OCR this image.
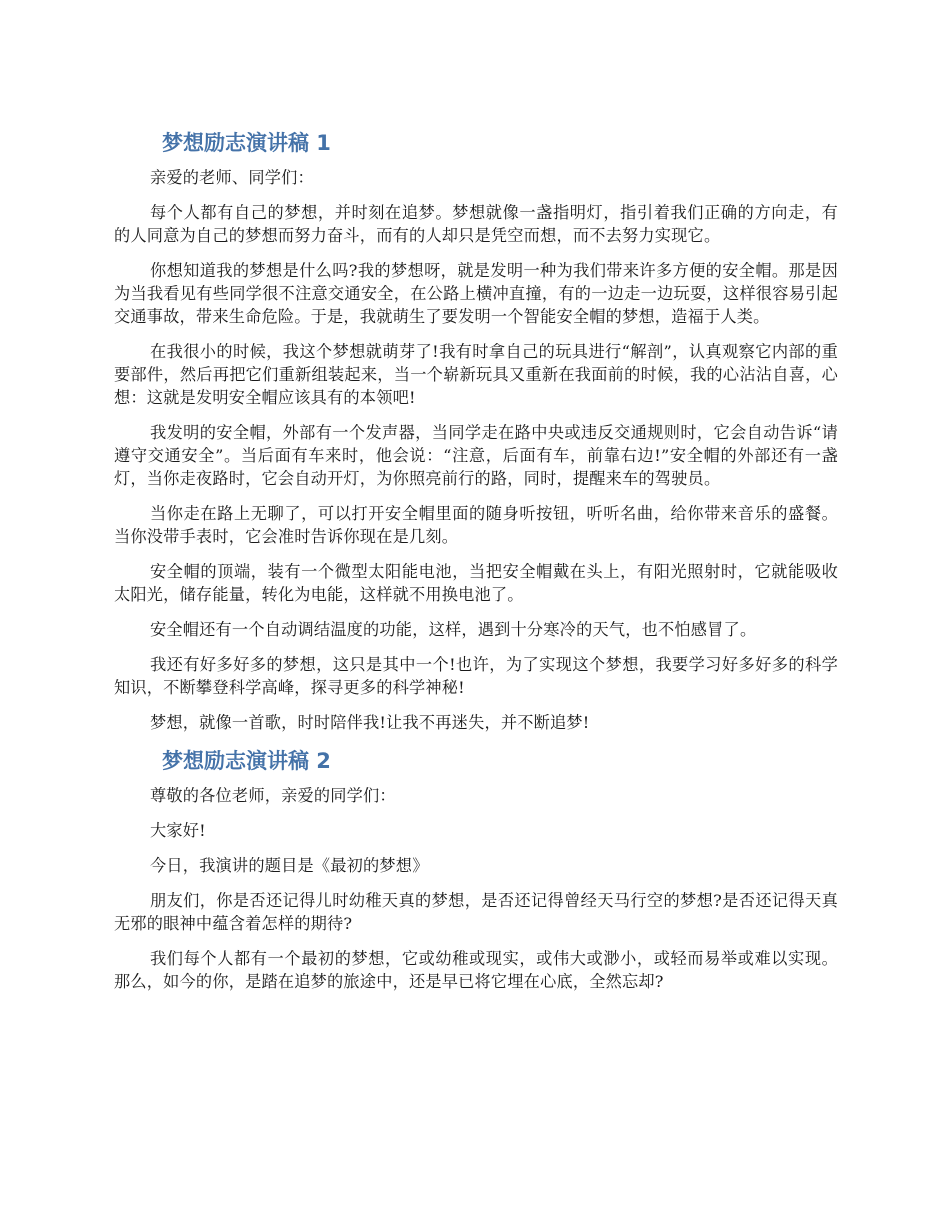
梦想励志演讲稿 1

亲爱的老师、同学们：

每个人都有自己的梦想，并时刻在追梦。梦想就像一盏指明灯，指引着我们正确的方向走，有的人同意为自己的梦想而努力奋斗，而有的人却只是凭空而想，而不去努力实现它。

你想知道我的梦想是什么吗?我的梦想呀，就是发明一种为我们带来许多方便的安全帽。那是因为当我看见有些同学很不注意交通安全，在公路上横冲直撞，有的一边走一边玩耍，这样很容易引起交通事故，带来生命危险。于是，我就萌生了要发明一个智能安全帽的梦想，造福于人类。

在我很小的时候，我这个梦想就萌芽了!我有时拿自己的玩具进行“解剖”，认真观察它内部的重要部件，然后再把它们重新组装起来，当一个崭新玩具又重新在我面前的时候，我的心沾沾自喜，心想：这就是发明安全帽应该具有的本领吧!

我发明的安全帽，外部有一个发声器，当同学走在路中央或违反交通规则时，它会自动告诉“请遵守交通安全”。当后面有车来时，他会说：“注意，后面有车，前靠右边!”安全帽的外部还有一盏灯，当你走夜路时，它会自动开灯，为你照亮前行的路，同时，提醒来车的驾驶员。

当你走在路上无聊了，可以打开安全帽里面的随身听按钮，听听名曲，给你带来音乐的盛餐。当你没带手表时，它会准时告诉你现在是几刻。

安全帽的顶端，装有一个微型太阳能电池，当把安全帽戴在头上，有阳光照射时，它就能吸收太阳光，储存能量，转化为电能，这样就不用换电池了。

安全帽还有一个自动调结温度的功能，这样，遇到十分寒冷的天气，也不怕感冒了。

我还有好多好多的梦想，这只是其中一个!也许，为了实现这个梦想，我要学习好多好多的科学知识，不断攀登科学高峰，探寻更多的科学神秘!

梦想，就像一首歌，时时陪伴我!让我不再迷失，并不断追梦!

梦想励志演讲稿 2

尊敬的各位老师，亲爱的同学们：

大家好!

今日，我演讲的题目是《最初的梦想》

朋友们，你是否还记得儿时幼稚天真的梦想，是否还记得曾经天马行空的梦想?是否还记得天真无邪的眼神中蕴含着怎样的期待?

我们每个人都有一个最初的梦想，它或幼稚或现实，或伟大或渺小，或轻而易举或难以实现。那么，如今的你，是踏在追梦的旅途中，还是早已将它埋在心底，全然忘却?
